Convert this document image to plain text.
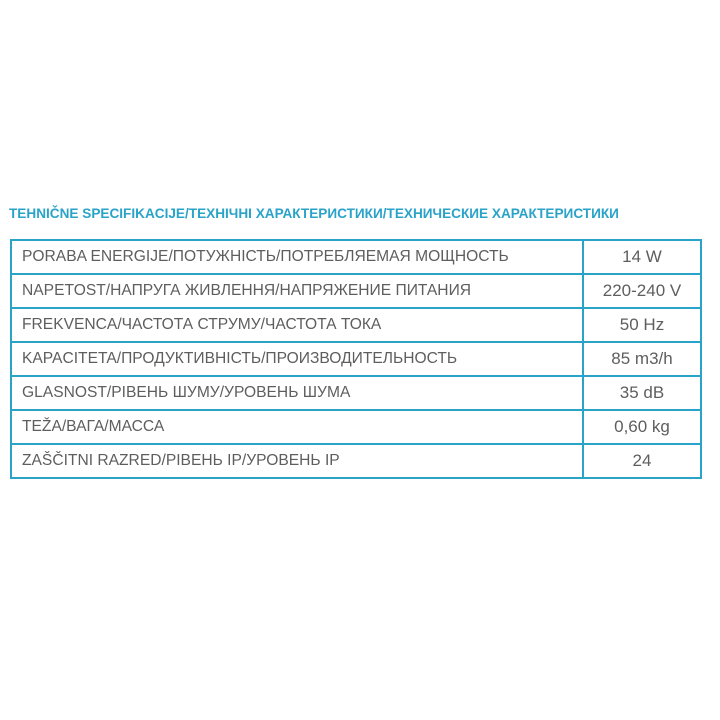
TEHNIČNE SPECIFIKACIJE/ТЕХНІЧНІ ХАРАКТЕРИСТИКИ/ТЕХНИЧЕСКИЕ ХАРАКТЕРИСТИКИ
PORABA ENERGIJE/ПОТУЖНІСТЬ/ПОТРЕБЛЯЕМАЯ МОЩНОСТЬ	14 W
NAPETOST/НАПРУГА ЖИВЛЕННЯ/НАПРЯЖЕНИЕ ПИТАНИЯ	220-240 V
FREKVENCA/ЧАСТОТА СТРУМУ/ЧАСТОТА ТОКА	50 Hz
KAPACITETA/ПРОДУКТИВНІСТЬ/ПРОИЗВОДИТЕЛЬНОСТЬ	85 m3/h
GLASNOST/РІВЕНЬ ШУМУ/УРОВЕНЬ ШУМА	35 dB
TEŽA/ВАГА/МАССА	0,60 kg
ZAŠČITNI RAZRED/РІВЕНЬ IP/УРОВЕНЬ IP	24
